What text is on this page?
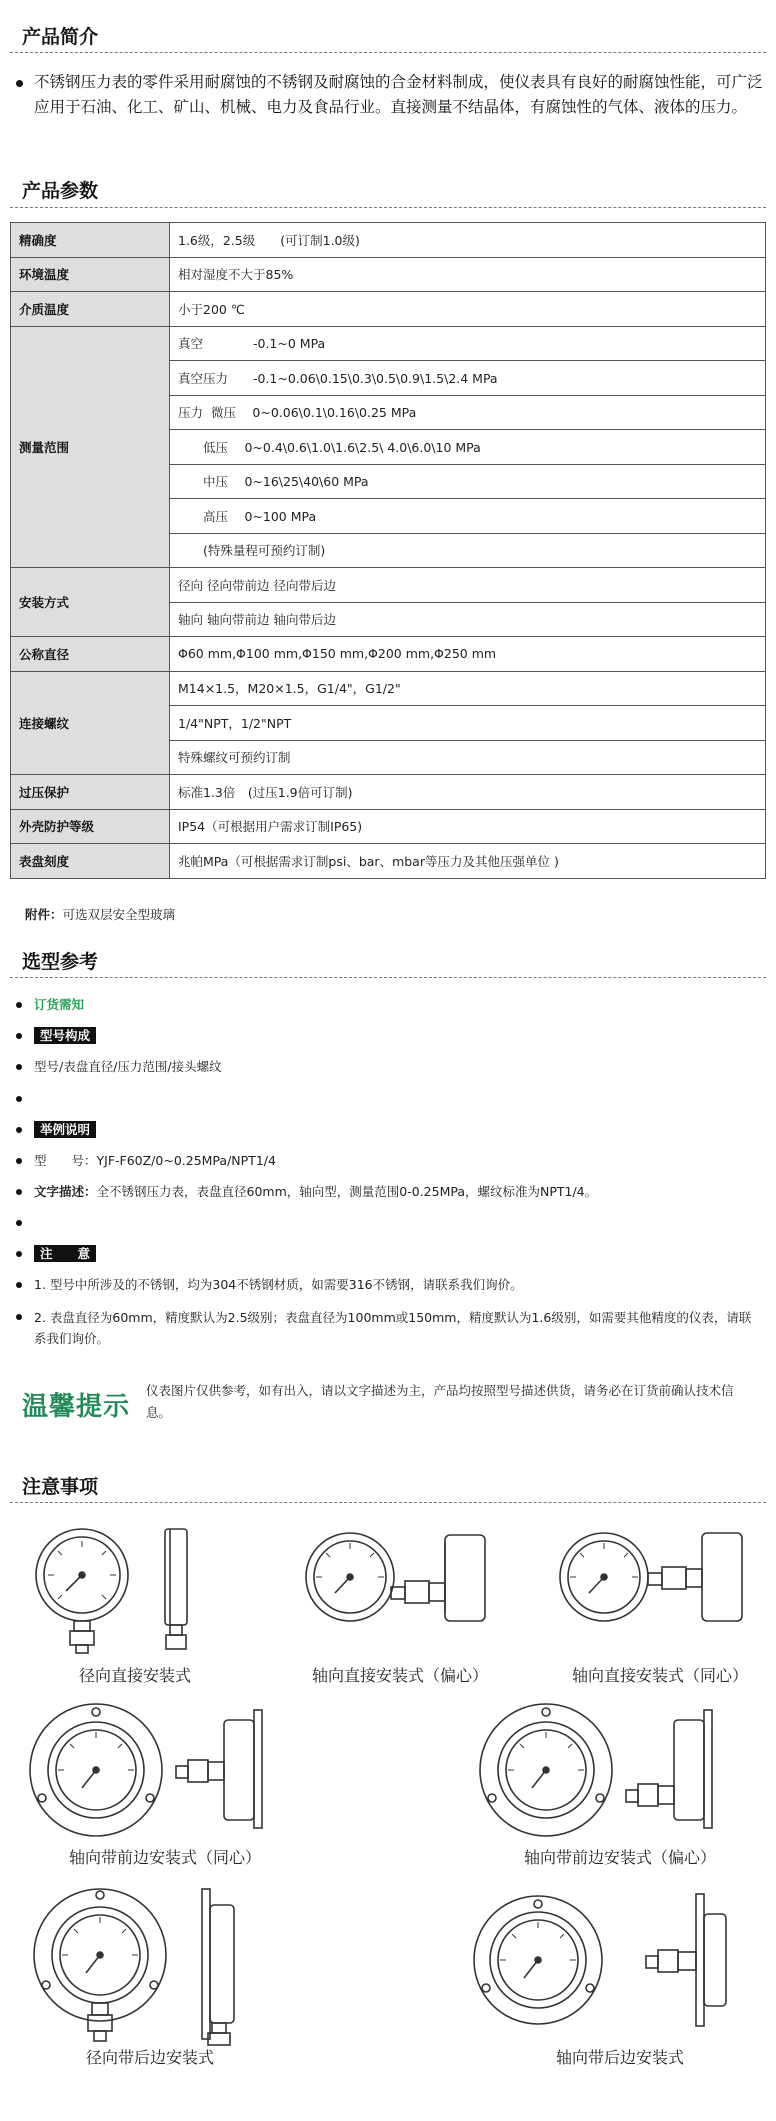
产品简介
不锈钢压力表的零件采用耐腐蚀的不锈钢及耐腐蚀的合金材料制成，使仪表具有良好的耐腐蚀性能，可广泛应用于石油、化工、矿山、机械、电力及食品行业。直接测量不结晶体，有腐蚀性的气体、液体的压力。
产品参数
精确度	1.6级，2.5级　　(可订制1.0级)
环境温度	相对湿度不大于85%
介质温度	小于200 ℃
测量范围	真空　　　　-0.1~0 MPa
	真空压力　　-0.1~0.06\0.15\0.3\0.5\0.9\1.5\2.4 MPa
	压力  微压　 0~0.06\0.1\0.16\0.25 MPa
	　　低压　 0~0.4\0.6\1.0\1.6\2.5\ 4.0\6.0\10 MPa
	　　中压　 0~16\25\40\60 MPa
	　　高压　 0~100 MPa
	　　(特殊量程可预约订制)
安装方式	径向 径向带前边 径向带后边
	轴向 轴向带前边 轴向带后边
公称直径	Φ60 mm,Φ100 mm,Φ150 mm,Φ200 mm,Φ250 mm
连接螺纹	M14×1.5，M20×1.5，G1/4"，G1/2"
	1/4"NPT，1/2"NPT
	特殊螺纹可预约订制
过压保护	标准1.3倍　(过压1.9倍可订制)
外壳防护等级	IP54（可根据用户需求订制IP65)
表盘刻度	兆帕MPa（可根据需求订制psi、bar、mbar等压力及其他压强单位 )
附件：可选双层安全型玻璃
选型参考
订货需知
型号构成
型号/表盘直径/压力范围/接头螺纹
举例说明
型　　号：YJF-F60Z/0~0.25MPa/NPT1/4
文字描述：全不锈钢压力表，表盘直径60mm，轴向型，测量范围0-0.25MPa，螺纹标准为NPT1/4。
注　　意
1. 型号中所涉及的不锈钢，均为304不锈钢材质，如需要316不锈钢，请联系我们询价。
2. 表盘直径为60mm，精度默认为2.5级别；表盘直径为100mm或150mm，精度默认为1.6级别，如需要其他精度的仪表，请联系我们询价。
温馨提示
仪表图片仅供参考，如有出入，请以文字描述为主，产品均按照型号描述供货，请务必在订货前确认技术信息。
注意事项
径向直接安装式	轴向直接安装式（偏心）	轴向直接安装式（同心）
轴向带前边安装式（同心）	轴向带前边安装式（偏心）
径向带后边安装式	轴向带后边安装式
